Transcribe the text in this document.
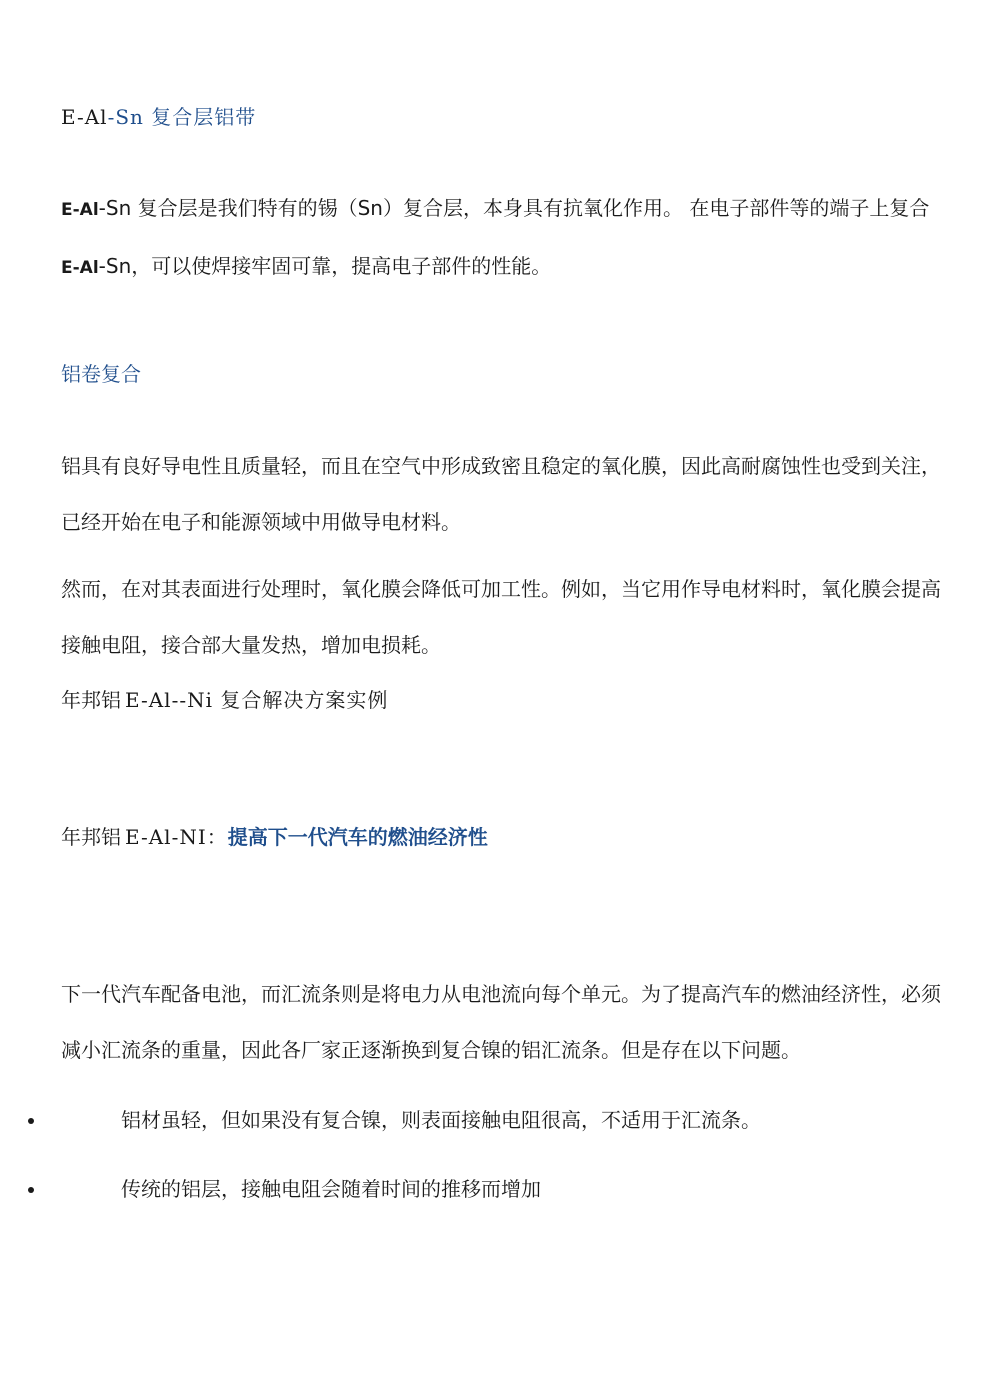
E-Al-Sn 复合层铝带
E-Al-Sn 复合层是我们特有的锡（Sn）复合层，本身具有抗氧化作用。 在电子部件等的端子上复合
E-Al-Sn，可以使焊接牢固可靠，提高电子部件的性能。
铝卷复合
铝具有良好导电性且质量轻，而且在空气中形成致密且稳定的氧化膜，因此高耐腐蚀性也受到关注，已经开始在电子和能源领域中用做导电材料。
然而，在对其表面进行处理时，氧化膜会降低可加工性。例如，当它用作导电材料时，氧化膜会提高接触电阻，接合部大量发热，增加电损耗。
年邦铝 E-Al--Ni 复合解决方案实例
年邦铝 E-Al-NI：提高下一代汽车的燃油经济性
下一代汽车配备电池，而汇流条则是将电力从电池流向每个单元。为了提高汽车的燃油经济性，必须减小汇流条的重量，因此各厂家正逐渐换到复合镍的铝汇流条。但是存在以下问题。
铝材虽轻，但如果没有复合镍，则表面接触电阻很高，不适用于汇流条。
传统的铝层，接触电阻会随着时间的推移而增加
